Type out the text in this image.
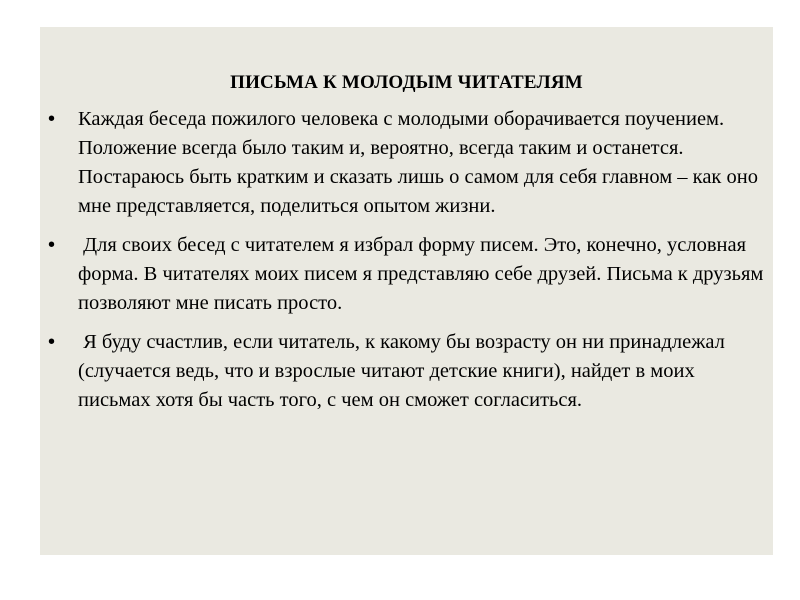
ПИСЬМА К МОЛОДЫМ ЧИТАТЕЛЯМ
• Каждая беседа пожилого человека с молодыми оборачивается поучением.  Положение всегда было таким и, вероятно, всегда таким и останется. Постараюсь быть кратким и сказать лишь о самом для себя главном – как оно мне представляется, поделиться опытом жизни.
• Для своих бесед с читателем я избрал форму писем. Это, конечно, условная форма. В читателях моих писем я представляю себе друзей. Письма к друзьям позволяют мне писать просто.
• Я буду счастлив, если читатель, к какому бы возрасту он ни принадлежал (случается ведь, что и взрослые читают детские книги), найдет в моих письмах хотя бы часть того, с чем он сможет согласиться.
